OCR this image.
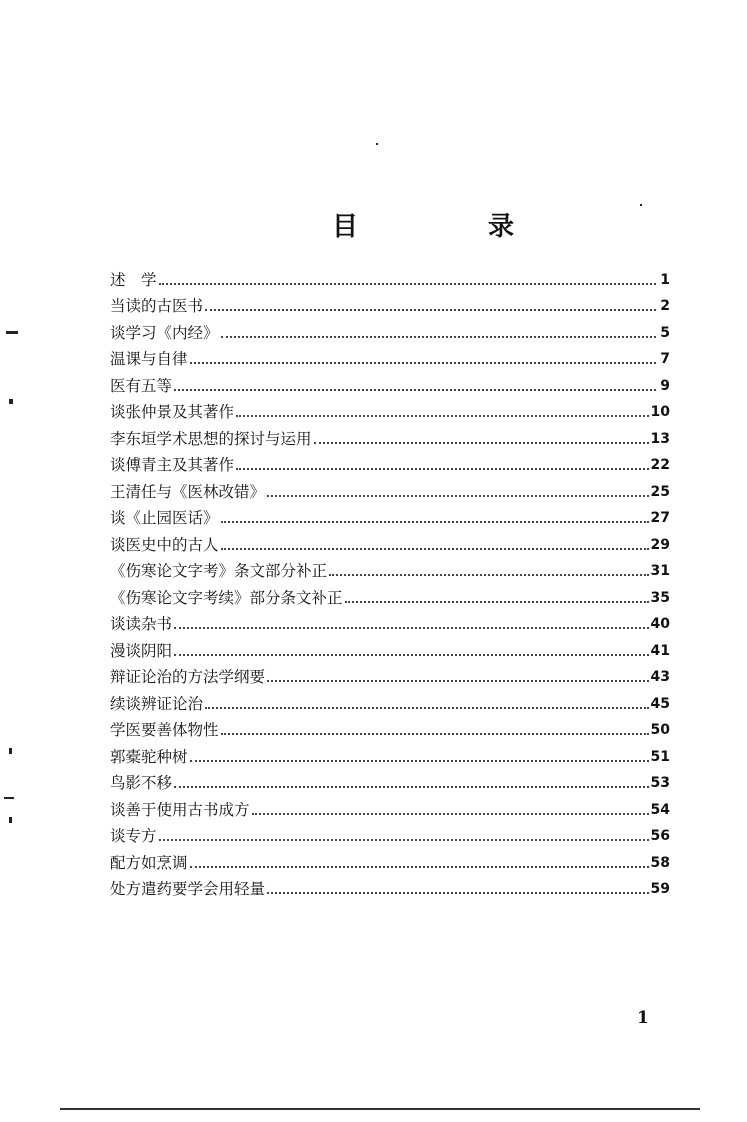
目	录
述　学	1
当读的古医书	2
谈学习《内经》	5
温课与自律	7
医有五等	9
谈张仲景及其著作	10
李东垣学术思想的探讨与运用	13
谈傅青主及其著作	22
王清任与《医林改错》	25
谈《止园医话》	27
谈医史中的古人	29
《伤寒论文字考》条文部分补正	31
《伤寒论文字考续》部分条文补正	35
谈读杂书	40
漫谈阴阳	41
辩证论治的方法学纲要	43
续谈辨证论治	45
学医要善体物性	50
郭橐驼种树	51
鸟影不移	53
谈善于使用古书成方	54
谈专方	56
配方如烹调	58
处方遣药要学会用轻量	59
1
